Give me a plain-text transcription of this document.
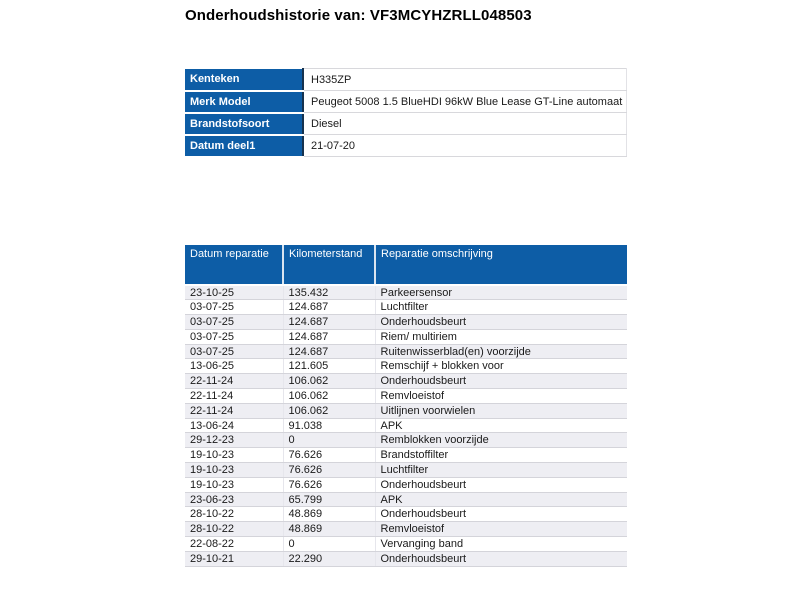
Onderhoudshistorie van: VF3MCYHZRLL048503
Kenteken	H335ZP
Merk Model	Peugeot 5008 1.5 BlueHDI 96kW Blue Lease GT-Line automaat
Brandstofsoort	Diesel
Datum deel1	21-07-20
Datum reparatie	Kilometerstand	Reparatie omschrijving
23-10-25	135.432	Parkeersensor
03-07-25	124.687	Luchtfilter
03-07-25	124.687	Onderhoudsbeurt
03-07-25	124.687	Riem/ multiriem
03-07-25	124.687	Ruitenwisserblad(en) voorzijde
13-06-25	121.605	Remschijf + blokken voor
22-11-24	106.062	Onderhoudsbeurt
22-11-24	106.062	Remvloeistof
22-11-24	106.062	Uitlijnen voorwielen
13-06-24	91.038	APK
29-12-23	0	Remblokken voorzijde
19-10-23	76.626	Brandstoffilter
19-10-23	76.626	Luchtfilter
19-10-23	76.626	Onderhoudsbeurt
23-06-23	65.799	APK
28-10-22	48.869	Onderhoudsbeurt
28-10-22	48.869	Remvloeistof
22-08-22	0	Vervanging band
29-10-21	22.290	Onderhoudsbeurt
